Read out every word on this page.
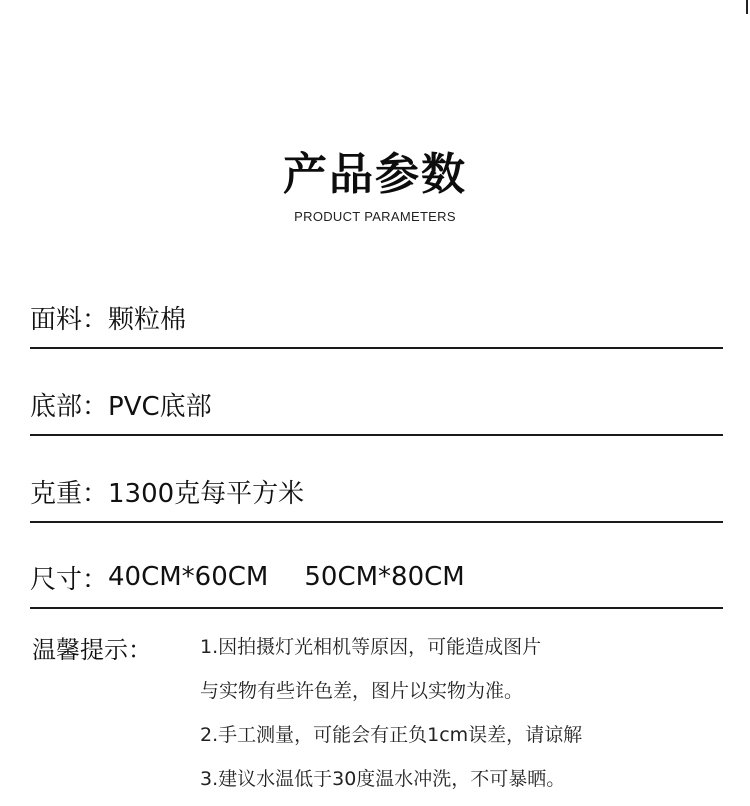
产品参数
PRODUCT PARAMETERS
面料： 颗粒棉
底部： PVC底部
克重： 1300克每平方米
尺寸： 40CM*60CM 50CM*80CM
温馨提示：	1.因拍摄灯光相机等原因，可能造成图片
与实物有些许色差，图片以实物为准。
2.手工测量，可能会有正负1cm误差，请谅解
3.建议水温低于30度温水冲洗，不可暴晒。
